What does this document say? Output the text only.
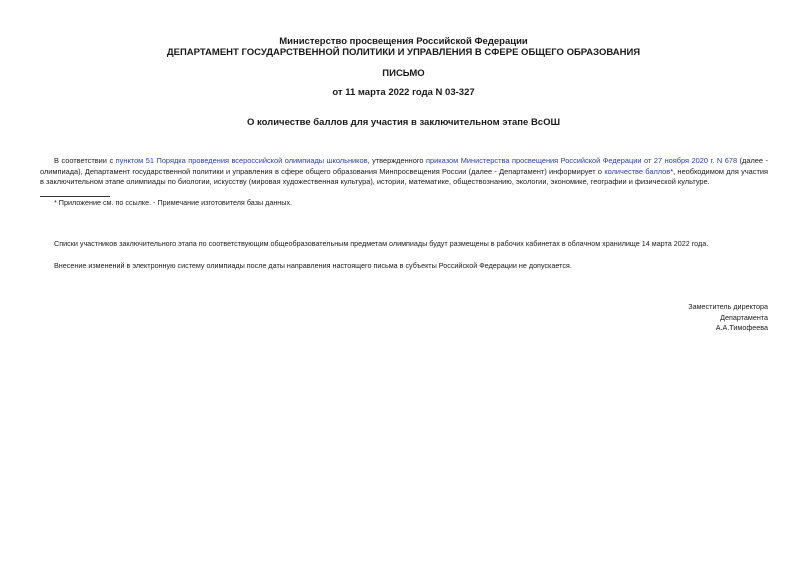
Министерство просвещения Российской Федерации
ДЕПАРТАМЕНТ ГОСУДАРСТВЕННОЙ ПОЛИТИКИ И УПРАВЛЕНИЯ В СФЕРЕ ОБЩЕГО ОБРАЗОВАНИЯ
ПИСЬМО
от 11 марта 2022 года N 03-327
О количестве баллов для участия в заключительном этапе ВсОШ
В соответствии с пунктом 51 Порядка проведения всероссийской олимпиады школьников, утвержденного приказом Министерства просвещения Российской Федерации от 27 ноября 2020 г. N 678 (далее - олимпиада), Департамент государственной политики и управления в сфере общего образования Минпросвещения России (далее - Департамент) информирует о количестве баллов*, необходимом для участия в заключительном этапе олимпиады по биологии, искусству (мировая художественная культура), истории, математике, обществознанию, экологии, экономике, географии и физической культуре.
* Приложение см. по ссылке. - Примечание изготовителя базы данных.
Списки участников заключительного этапа по соответствующим общеобразовательным предметам олимпиады будут размещены в рабочих кабинетах в облачном хранилище 14 марта 2022 года.
Внесение изменений в электронную систему олимпиады после даты направления настоящего письма в субъекты Российской Федерации не допускается.
Заместитель директора
Департамента
А.А.Тимофеева
